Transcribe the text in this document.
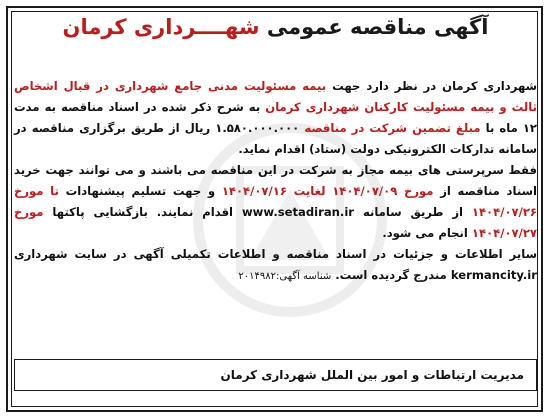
آگهی مناقصه عمومی شهــــرداری کرمان

شهرداری کرمان در نظر دارد جهت بیمه مسئولیت مدنی جامع شهرداری در قبال اشخاص ثالث و بیمه مسئولیت کارکنان شهرداری کرمان به شرح ذکر شده در اسناد مناقصه به مدت ۱۲ ماه با مبلغ تضمین شرکت در مناقصه ۱.۵۸۰.۰۰۰.۰۰۰ ریال از طریق برگزاری مناقصه در سامانه تدارکات الکترونیکی دولت (ستاد) اقدام نماید.

فقط سرپرستی های بیمه مجاز به شرکت در این مناقصه می باشند و می توانند جهت خرید اسناد مناقصه از مورخ ۱۴۰۴/۰۷/۰۹ لغایت ۱۴۰۴/۰۷/۱۶ و جهت تسلیم پیشنهادات تا مورخ ۱۴۰۴/۰۷/۲۶ از طریق سامانه www.setadiran.ir اقدام نمایند. بازگشایی پاکتها مورخ ۱۴۰۴/۰۷/۲۷ انجام می شود.

سایر اطلاعات و جزئیات در اسناد مناقصه و اطلاعات تکمیلی آگهی در سایت شهرداری kermancity.ir مندرج گردیده است. شناسه آگهی:۲۰۱۴۹۸۲

مدیریت ارتباطات و امور بین الملل شهرداری کرمان
